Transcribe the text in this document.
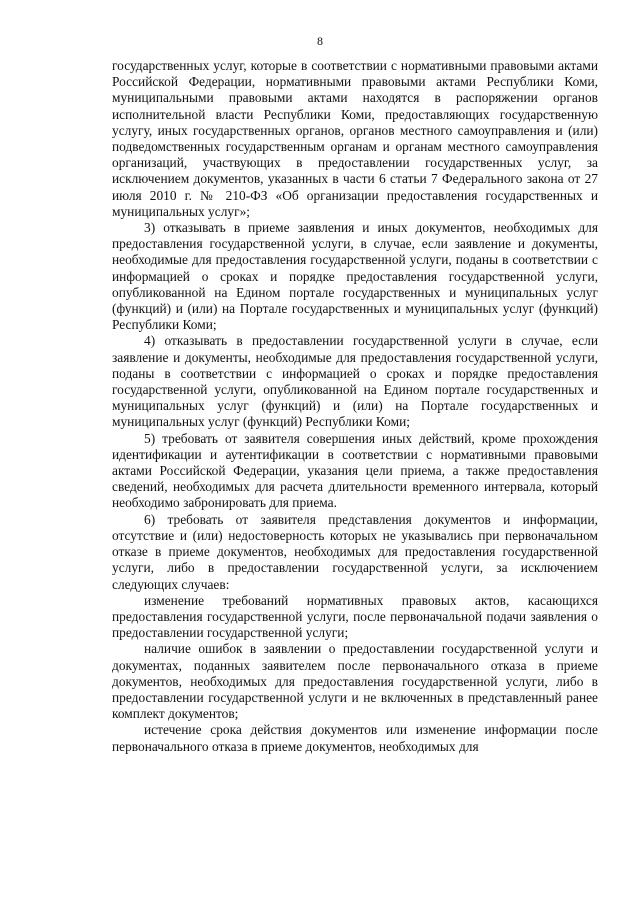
8

государственных услуг, которые в соответствии с нормативными правовыми актами Российской Федерации, нормативными правовыми актами Республики Коми, муниципальными правовыми актами находятся в распоряжении органов исполнительной власти Республики Коми, предоставляющих государственную услугу, иных государственных органов, органов местного самоуправления и (или) подведомственных государственным органам и органам местного самоуправления организаций, участвующих в предоставлении государственных услуг, за исключением документов, указанных в части 6 статьи 7 Федерального закона от 27 июля 2010 г. № 210-ФЗ «Об организации предоставления государственных и муниципальных услуг»;

3) отказывать в приеме заявления и иных документов, необходимых для предоставления государственной услуги, в случае, если заявление и документы, необходимые для предоставления государственной услуги, поданы в соответствии с информацией о сроках и порядке предоставления государственной услуги, опубликованной на Едином портале государственных и муниципальных услуг (функций) и (или) на Портале государственных и муниципальных услуг (функций) Республики Коми;

4) отказывать в предоставлении государственной услуги в случае, если заявление и документы, необходимые для предоставления государственной услуги, поданы в соответствии с информацией о сроках и порядке предоставления государственной услуги, опубликованной на Едином портале государственных и муниципальных услуг (функций) и (или) на Портале государственных и муниципальных услуг (функций) Республики Коми;

5) требовать от заявителя совершения иных действий, кроме прохождения идентификации и аутентификации в соответствии с нормативными правовыми актами Российской Федерации, указания цели приема, а также предоставления сведений, необходимых для расчета длительности временного интервала, который необходимо забронировать для приема.

6) требовать от заявителя представления документов и информации, отсутствие и (или) недостоверность которых не указывались при первоначальном отказе в приеме документов, необходимых для предоставления государственной услуги, либо в предоставлении государственной услуги, за исключением следующих случаев:

изменение требований нормативных правовых актов, касающихся предоставления государственной услуги, после первоначальной подачи заявления о предоставлении государственной услуги;

наличие ошибок в заявлении о предоставлении государственной услуги и документах, поданных заявителем после первоначального отказа в приеме документов, необходимых для предоставления государственной услуги, либо в предоставлении государственной услуги и не включенных в представленный ранее комплект документов;

истечение срока действия документов или изменение информации после первоначального отказа в приеме документов, необходимых для
